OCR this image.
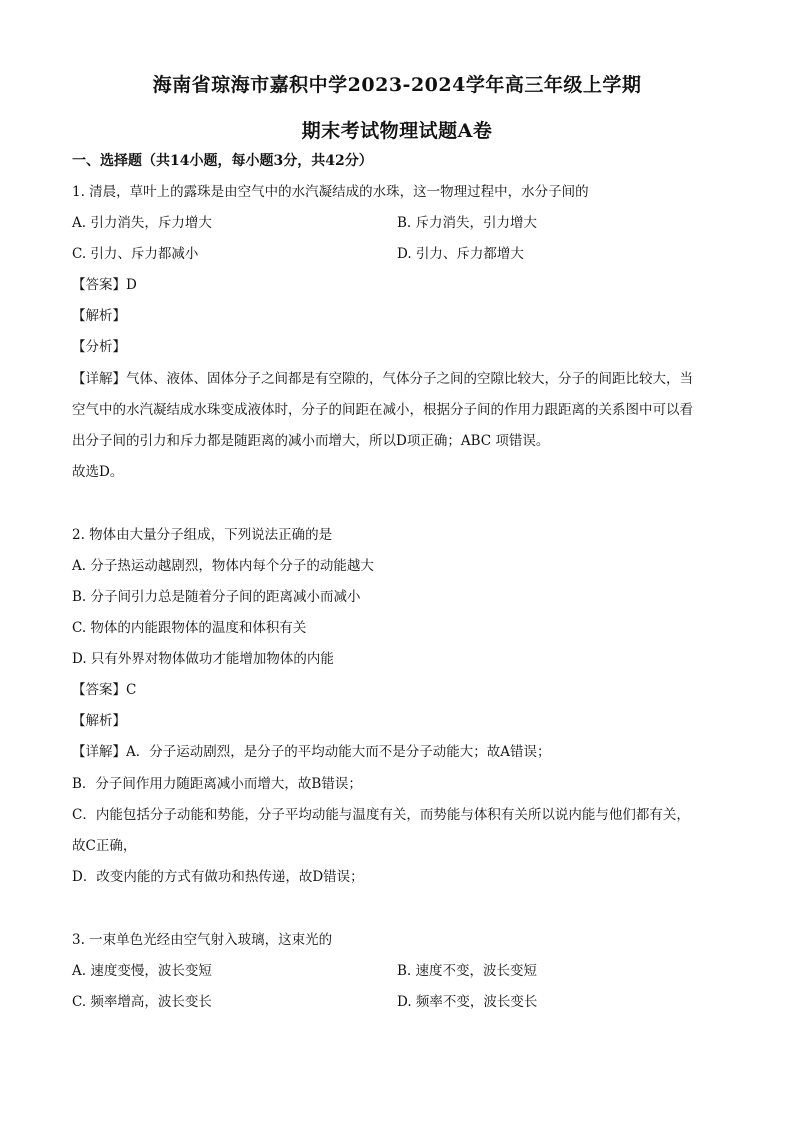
海南省琼海市嘉积中学2023-2024学年高三年级上学期
期末考试物理试题A卷
一、选择题（共14小题，每小题3分，共42分）
1. 清晨，草叶上的露珠是由空气中的水汽凝结成的水珠，这一物理过程中，水分子间的
A. 引力消失，斥力增大	B. 斥力消失，引力增大
C. 引力、斥力都减小	D. 引力、斥力都增大
【答案】D
【解析】
【分析】
【详解】气体、液体、固体分子之间都是有空隙的，气体分子之间的空隙比较大，分子的间距比较大，当
空气中的水汽凝结成水珠变成液体时，分子的间距在减小，根据分子间的作用力跟距离的关系图中可以看
出分子间的引力和斥力都是随距离的减小而增大，所以D项正确；ABC 项错误。
故选D。
2. 物体由大量分子组成，下列说法正确的是
A. 分子热运动越剧烈，物体内每个分子的动能越大
B. 分子间引力总是随着分子间的距离减小而减小
C. 物体的内能跟物体的温度和体积有关
D. 只有外界对物体做功才能增加物体的内能
【答案】C
【解析】
【详解】A．分子运动剧烈，是分子的平均动能大而不是分子动能大；故A错误；
B．分子间作用力随距离减小而增大，故B错误；
C．内能包括分子动能和势能，分子平均动能与温度有关，而势能与体积有关所以说内能与他们都有关，
故C正确，
D．改变内能的方式有做功和热传递，故D错误；
3. 一束单色光经由空气射入玻璃，这束光的
A. 速度变慢，波长变短	B. 速度不变，波长变短
C. 频率增高，波长变长	D. 频率不变，波长变长
